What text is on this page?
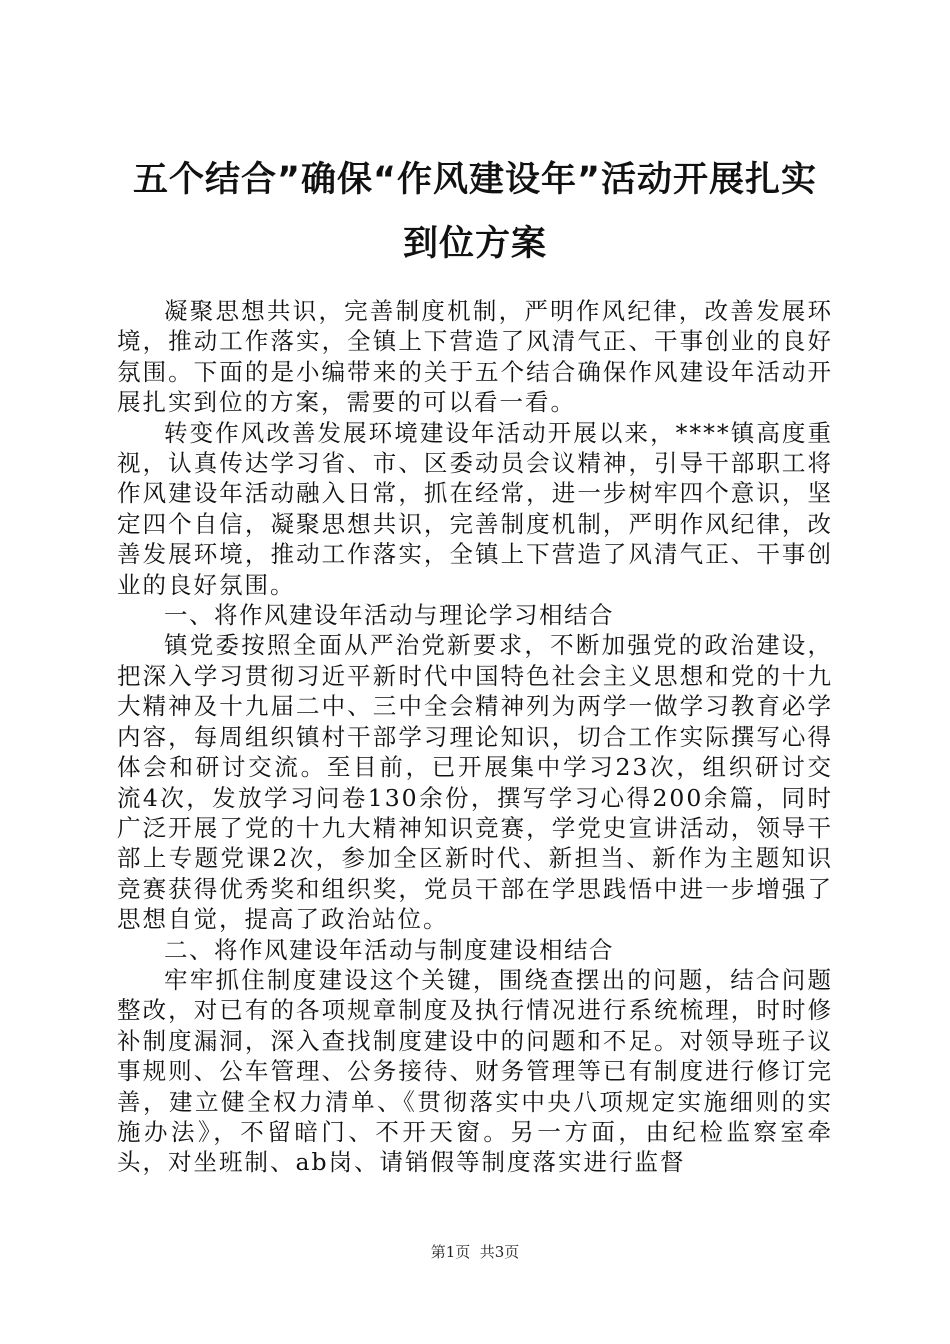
五个结合”确保“作风建设年”活动开展扎实
到位方案

凝聚思想共识，完善制度机制，严明作风纪律，改善发展环境，推动工作落实，全镇上下营造了风清气正、干事创业的良好氛围。下面的是小编带来的关于五个结合确保作风建设年活动开展扎实到位的方案，需要的可以看一看。

转变作风改善发展环境建设年活动开展以来，****镇高度重视，认真传达学习省、市、区委动员会议精神，引导干部职工将作风建设年活动融入日常，抓在经常，进一步树牢四个意识，坚定四个自信，凝聚思想共识，完善制度机制，严明作风纪律，改善发展环境，推动工作落实，全镇上下营造了风清气正、干事创业的良好氛围。

一、将作风建设年活动与理论学习相结合

镇党委按照全面从严治党新要求，不断加强党的政治建设，把深入学习贯彻习近平新时代中国特色社会主义思想和党的十九大精神及十九届二中、三中全会精神列为两学一做学习教育必学内容，每周组织镇村干部学习理论知识，切合工作实际撰写心得体会和研讨交流。至目前，已开展集中学习23次，组织研讨交流4次，发放学习问卷130余份，撰写学习心得200余篇，同时广泛开展了党的十九大精神知识竞赛，学党史宣讲活动，领导干部上专题党课2次，参加全区新时代、新担当、新作为主题知识竞赛获得优秀奖和组织奖，党员干部在学思践悟中进一步增强了思想自觉，提高了政治站位。

二、将作风建设年活动与制度建设相结合

牢牢抓住制度建设这个关键，围绕查摆出的问题，结合问题整改，对已有的各项规章制度及执行情况进行系统梳理，时时修补制度漏洞，深入查找制度建设中的问题和不足。对领导班子议事规则、公车管理、公务接待、财务管理等已有制度进行修订完善，建立健全权力清单、《贯彻落实中央八项规定实施细则的实施办法》，不留暗门、不开天窗。另一方面，由纪检监察室牵头，对坐班制、ab岗、请销假等制度落实进行监督

第1页  共3页
